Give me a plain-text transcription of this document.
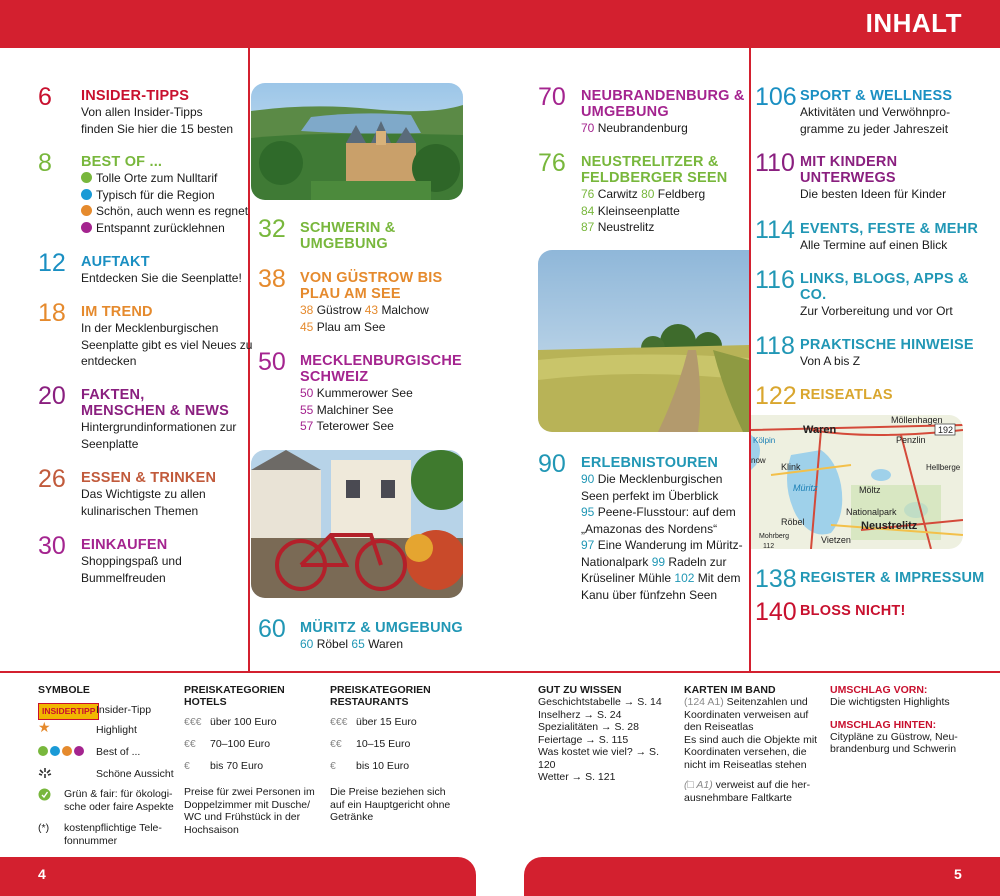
INHALT
6 INSIDER-TIPPS
Von allen Insider-Tipps
finden Sie hier die 15 besten
8 BEST OF ...
Tolle Orte zum Nulltarif
Typisch für die Region
Schön, auch wenn es regnet
Entspannt zurücklehnen
12 AUFTAKT
Entdecken Sie die Seenplatte!
18 IM TREND
In der Mecklenburgischen
Seenplatte gibt es viel Neues zu
entdecken
20 FAKTEN,
MENSCHEN & NEWS
Hintergrundinformationen zur
Seenplatte
26 ESSEN & TRINKEN
Das Wichtigste zu allen
kulinarischen Themen
30 EINKAUFEN
Shoppingspaß und
Bummelfreuden
32 SCHWERIN &
UMGEBUNG
38 VON GÜSTROW BIS
PLAU AM SEE
38 Güstrow 43 Malchow
45 Plau am See
50 MECKLENBURGISCHE
SCHWEIZ
50 Kummerower See
55 Malchiner See
57 Teterower See
60 MÜRITZ & UMGEBUNG
60 Röbel 65 Waren
70 NEUBRANDENBURG &
UMGEBUNG
70 Neubrandenburg
76 NEUSTRELITZER &
FELDBERGER SEEN
76 Carwitz 80 Feldberg
84 Kleinseenplatte
87 Neustrelitz
90 ERLEBNISTOUREN
90 Die Mecklenburgischen
Seen perfekt im Überblick
95 Peene-Flusstour: auf dem
„Amazonas des Nordens“
97 Eine Wanderung im Müritz-
Nationalpark 99 Radeln zur
Krüseliner Mühle 102 Mit dem
Kanu über fünfzehn Seen
106 SPORT & WELLNESS
Aktivitäten und Verwöhnpro-
gramme zu jeder Jahreszeit
110 MIT KINDERN
UNTERWEGS
Die besten Ideen für Kinder
114 EVENTS, FESTE & MEHR
Alle Termine auf einen Blick
116 LINKS, BLOGS, APPS &
CO.
Zur Vorbereitung und vor Ort
118 PRAKTISCHE HINWEISE
Von A bis Z
122 REISEATLAS
192
Möllenhagen
Waren
Penzlin
Kölpin
Klink	Hellberge
Müritz	Möltz
Nationalpark
Röbel	Neustrelitz
Mohrberg	Vietzen
112
now
138 REGISTER & IMPRESSUM
140 BLOSS NICHT!
SYMBOLE
INSIDERTIPP Insider-Tipp
★	Highlight
Best of ...
Schöne Aussicht
Grün & fair: für ökologi-
sche oder faire Aspekte
(*) kostenpflichtige Tele-
fonnummer
PREISKATEGORIEN
HOTELS
€€€ über 100 Euro
€€ 70–100 Euro
€ bis 70 Euro
Preise für zwei Personen im
Doppelzimmer mit Dusche/
WC und Frühstück in der
Hochsaison
PREISKATEGORIEN
RESTAURANTS
€€€ über 15 Euro
€€ 10–15 Euro
€ bis 10 Euro
Die Preise beziehen sich
auf ein Hauptgericht ohne
Getränke
GUT ZU WISSEN
Geschichtstabelle → S. 14
Inselherz → S. 24
Spezialitäten → S. 28
Feiertage → S. 115
Was kostet wie viel? → S. 120
Wetter → S. 121
KARTEN IM BAND
(124 A1) Seitenzahlen und
Koordinaten verweisen auf
den Reiseatlas
Es sind auch die Objekte mit
Koordinaten versehen, die
nicht im Reiseatlas stehen
(□ A1) verweist auf die her-
ausnehmbare Faltkarte
UMSCHLAG VORN:
Die wichtigsten Highlights
UMSCHLAG HINTEN:
Citypläne zu Güstrow, Neu-
brandenburg und Schwerin
4	5
